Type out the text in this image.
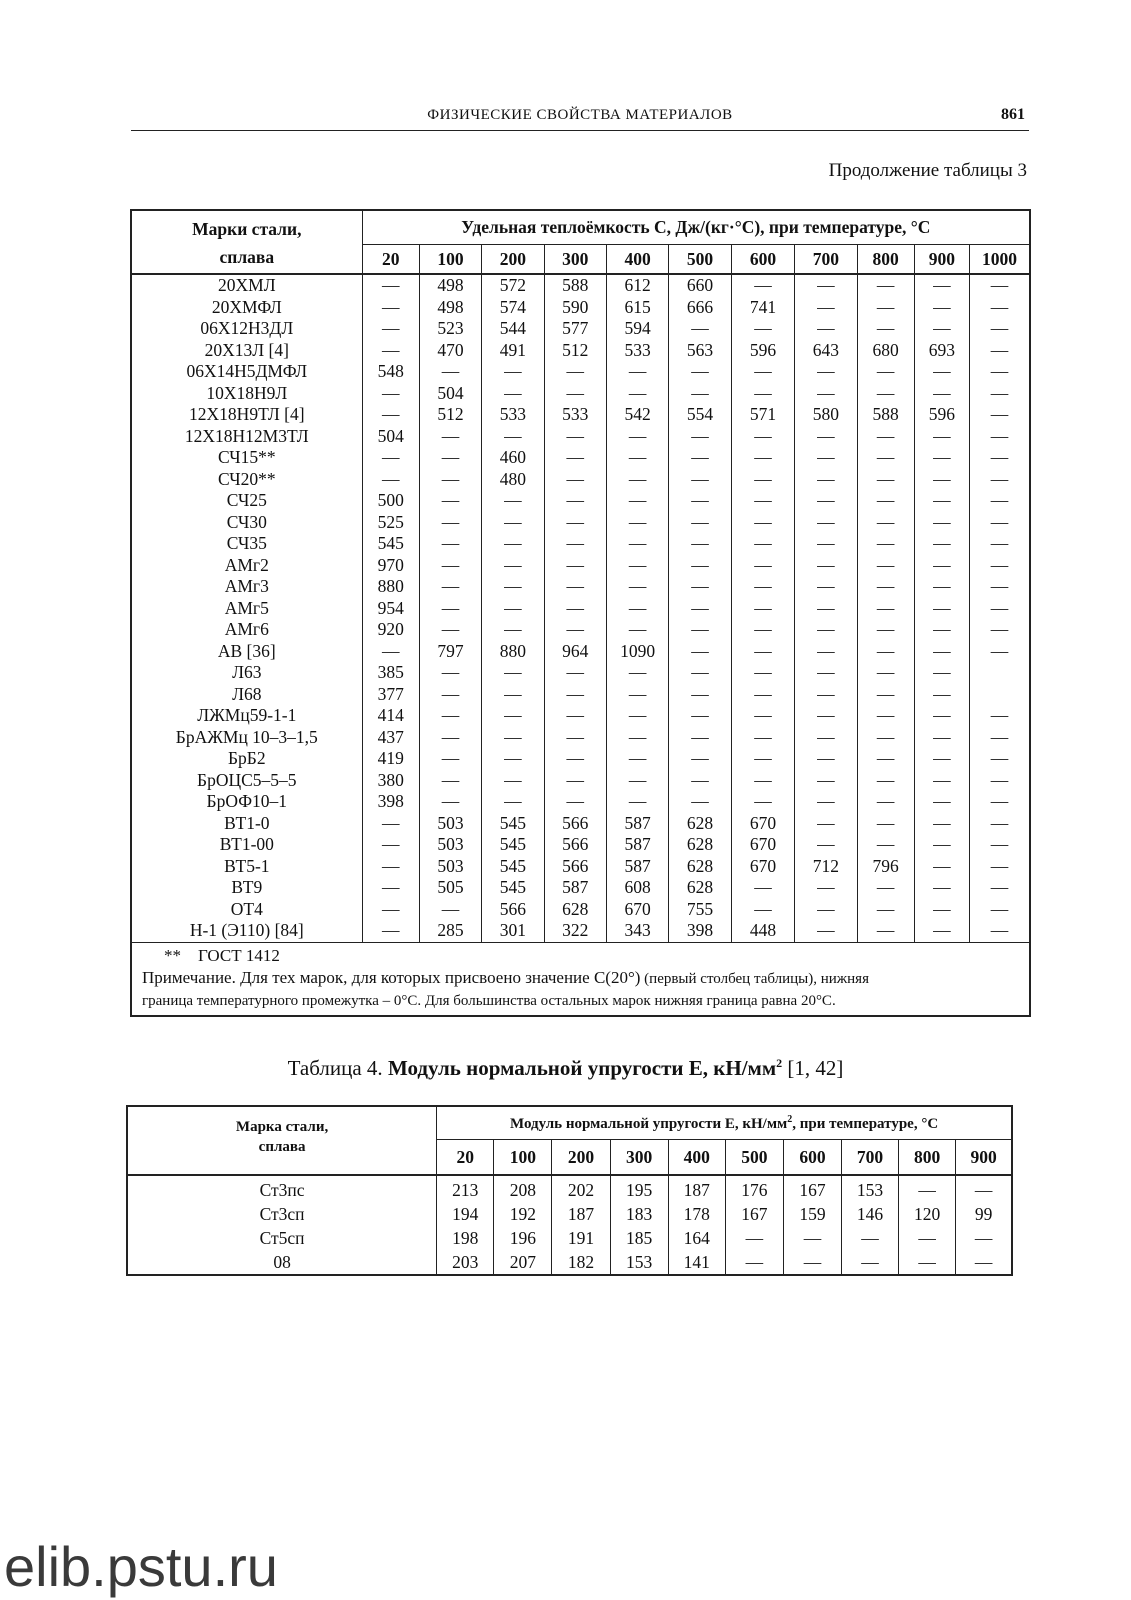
ФИЗИЧЕСКИЕ СВОЙСТВА МАТЕРИАЛОВ	861
Продолжение таблицы 3
Марки стали,
сплава	Удельная теплоёмкость C, Дж/(кг·°C), при температуре, °C										
	20	100	200	300	400	500	600	700	800	900	1000
20ХМЛ	—	498	572	588	612	660	—	—	—	—	—
20ХМФЛ	—	498	574	590	615	666	741	—	—	—	—
06Х12Н3ДЛ	—	523	544	577	594	—	—	—	—	—	—
20Х13Л [4]	—	470	491	512	533	563	596	643	680	693	—
06Х14Н5ДМФЛ	548	—	—	—	—	—	—	—	—	—	—
10Х18Н9Л	—	504	—	—	—	—	—	—	—	—	—
12Х18Н9ТЛ [4]	—	512	533	533	542	554	571	580	588	596	—
12Х18Н12М3ТЛ	504	—	—	—	—	—	—	—	—	—	—
СЧ15**	—	—	460	—	—	—	—	—	—	—	—
СЧ20**	—	—	480	—	—	—	—	—	—	—	—
СЧ25	500	—	—	—	—	—	—	—	—	—	—
СЧ30	525	—	—	—	—	—	—	—	—	—	—
СЧ35	545	—	—	—	—	—	—	—	—	—	—
АМг2	970	—	—	—	—	—	—	—	—	—	—
АМг3	880	—	—	—	—	—	—	—	—	—	—
АМг5	954	—	—	—	—	—	—	—	—	—	—
АМг6	920	—	—	—	—	—	—	—	—	—	—
АВ [36]	—	797	880	964	1090	—	—	—	—	—	—
Л63	385	—	—	—	—	—	—	—	—	—	
Л68	377	—	—	—	—	—	—	—	—	—	
ЛЖМц59-1-1	414	—	—	—	—	—	—	—	—	—	—
БрАЖМц 10–3–1,5	437	—	—	—	—	—	—	—	—	—	—
БрБ2	419	—	—	—	—	—	—	—	—	—	—
БрОЦС5–5–5	380	—	—	—	—	—	—	—	—	—	—
БрОФ10–1	398	—	—	—	—	—	—	—	—	—	—
ВТ1-0	—	503	545	566	587	628	670	—	—	—	—
ВТ1-00	—	503	545	566	587	628	670	—	—	—	—
ВТ5-1	—	503	545	566	587	628	670	712	796	—	—
ВТ9	—	505	545	587	608	628	—	—	—	—	—
ОТ4	—	—	566	628	670	755	—	—	—	—	—
Н-1 (Э110) [84]	—	285	301	322	343	398	448	—	—	—	—
** ГОСТ 1412
Примечание. Для тех марок, для которых присвоено значение C(20°) (первый столбец таблицы), нижняя
граница температурного промежутка – 0°С. Для большинства остальных марок нижняя граница равна 20°С.
Таблица 4. Модуль нормальной упругости E, $кН/мм^2$ [1, 42]
Марка стали,
сплава	Модуль нормальной упругости E, $кН/мм^2$, при температуре, °С									
	20	100	200	300	400	500	600	700	800	900
Ст3пс	213	208	202	195	187	176	167	153	—	—
Ст3сп	194	192	187	183	178	167	159	146	120	99
Ст5сп	198	196	191	185	164	—	—	—	—	—
08	203	207	182	153	141	—	—	—	—	—
elib.pstu.ru
